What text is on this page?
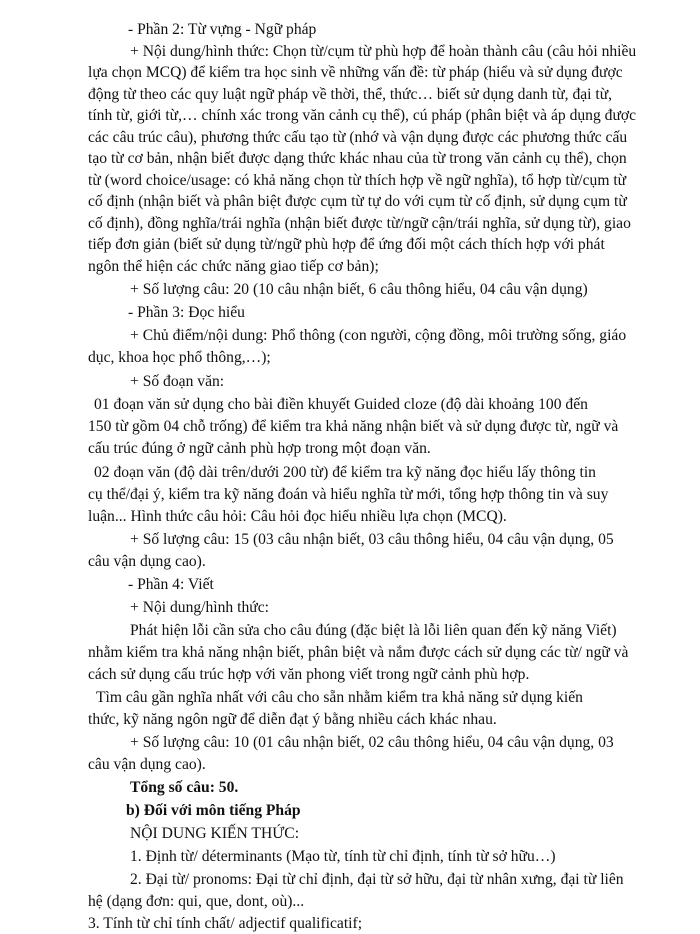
- Phần 2: Từ vựng - Ngữ pháp
+ Nội dung/hình thức: Chọn từ/cụm từ phù hợp để hoàn thành câu (câu hỏi nhiều
lựa chọn MCQ) để kiểm tra học sinh về những vấn đề: từ pháp (hiểu và sử dụng được
động từ theo các quy luật ngữ pháp về thời, thể, thức… biết sử dụng danh từ, đại từ,
tính từ, giới từ,… chính xác trong văn cảnh cụ thể), cú pháp (phân biệt và áp dụng được
các câu trúc câu), phương thức cấu tạo từ (nhớ và vận dụng được các phương thức cấu
tạo từ cơ bản, nhận biết được dạng thức khác nhau của từ trong văn cảnh cụ thể), chọn
từ (word choice/usage: có khả năng chọn từ thích hợp về ngữ nghĩa), tổ hợp từ/cụm từ
cố định (nhận biết và phân biệt được cụm từ tự do với cụm từ cố định, sử dụng cụm từ
cố định), đồng nghĩa/trái nghĩa (nhận biết được từ/ngữ cận/trái nghĩa, sử dụng từ), giao
tiếp đơn giản (biết sử dụng từ/ngữ phù hợp để ứng đối một cách thích hợp với phát
ngôn thể hiện các chức năng giao tiếp cơ bản);
+ Số lượng câu: 20 (10 câu nhận biết, 6 câu thông hiểu, 04 câu vận dụng)
- Phần 3: Đọc hiểu
+ Chủ điểm/nội dung: Phổ thông (con người, cộng đồng, môi trường sống, giáo
dục, khoa học phổ thông,…);
+ Số đoạn văn:
01 đoạn văn sử dụng cho bài điền khuyết Guided cloze (độ dài khoảng 100 đến
150 từ gồm 04 chỗ trống) để kiểm tra khả năng nhận biết và sử dụng được từ, ngữ và
cấu trúc đúng ở ngữ cảnh phù hợp trong một đoạn văn.
02 đoạn văn (độ dài trên/dưới 200 từ) để kiểm tra kỹ năng đọc hiểu lấy thông tin
cụ thể/đại ý, kiểm tra kỹ năng đoán và hiểu nghĩa từ mới, tổng hợp thông tin và suy
luận... Hình thức câu hỏi: Câu hỏi đọc hiểu nhiều lựa chọn (MCQ).
+ Số lượng câu: 15 (03 câu nhận biết, 03 câu thông hiểu, 04 câu vận dụng, 05
câu vận dụng cao).
- Phần 4: Viết
+ Nội dung/hình thức:
Phát hiện lỗi cần sửa cho câu đúng (đặc biệt là lỗi liên quan đến kỹ năng Viết)
nhằm kiểm tra khả năng nhận biết, phân biệt và nắm được cách sử dụng các từ/ ngữ và
cách sử dụng cấu trúc hợp với văn phong viết trong ngữ cảnh phù hợp.
Tìm câu gần nghĩa nhất với câu cho sẵn nhằm kiểm tra khả năng sử dụng kiến
thức, kỹ năng ngôn ngữ để diễn đạt ý bằng nhiều cách khác nhau.
+ Số lượng câu: 10 (01 câu nhận biết, 02 câu thông hiểu, 04 câu vận dụng, 03
câu vận dụng cao).
Tổng số câu: 50.
b) Đối với môn tiếng Pháp
NỘI DUNG KIẾN THỨC:
1. Định từ/ déterminants (Mạo từ, tính từ chỉ định, tính từ sở hữu…)
2. Đại từ/ pronoms: Đại từ chỉ định, đại từ sở hữu, đại từ nhân xưng, đại từ liên
hệ (dạng đơn: qui, que, dont, où)...
3. Tính từ chỉ tính chất/ adjectif qualificatif;
